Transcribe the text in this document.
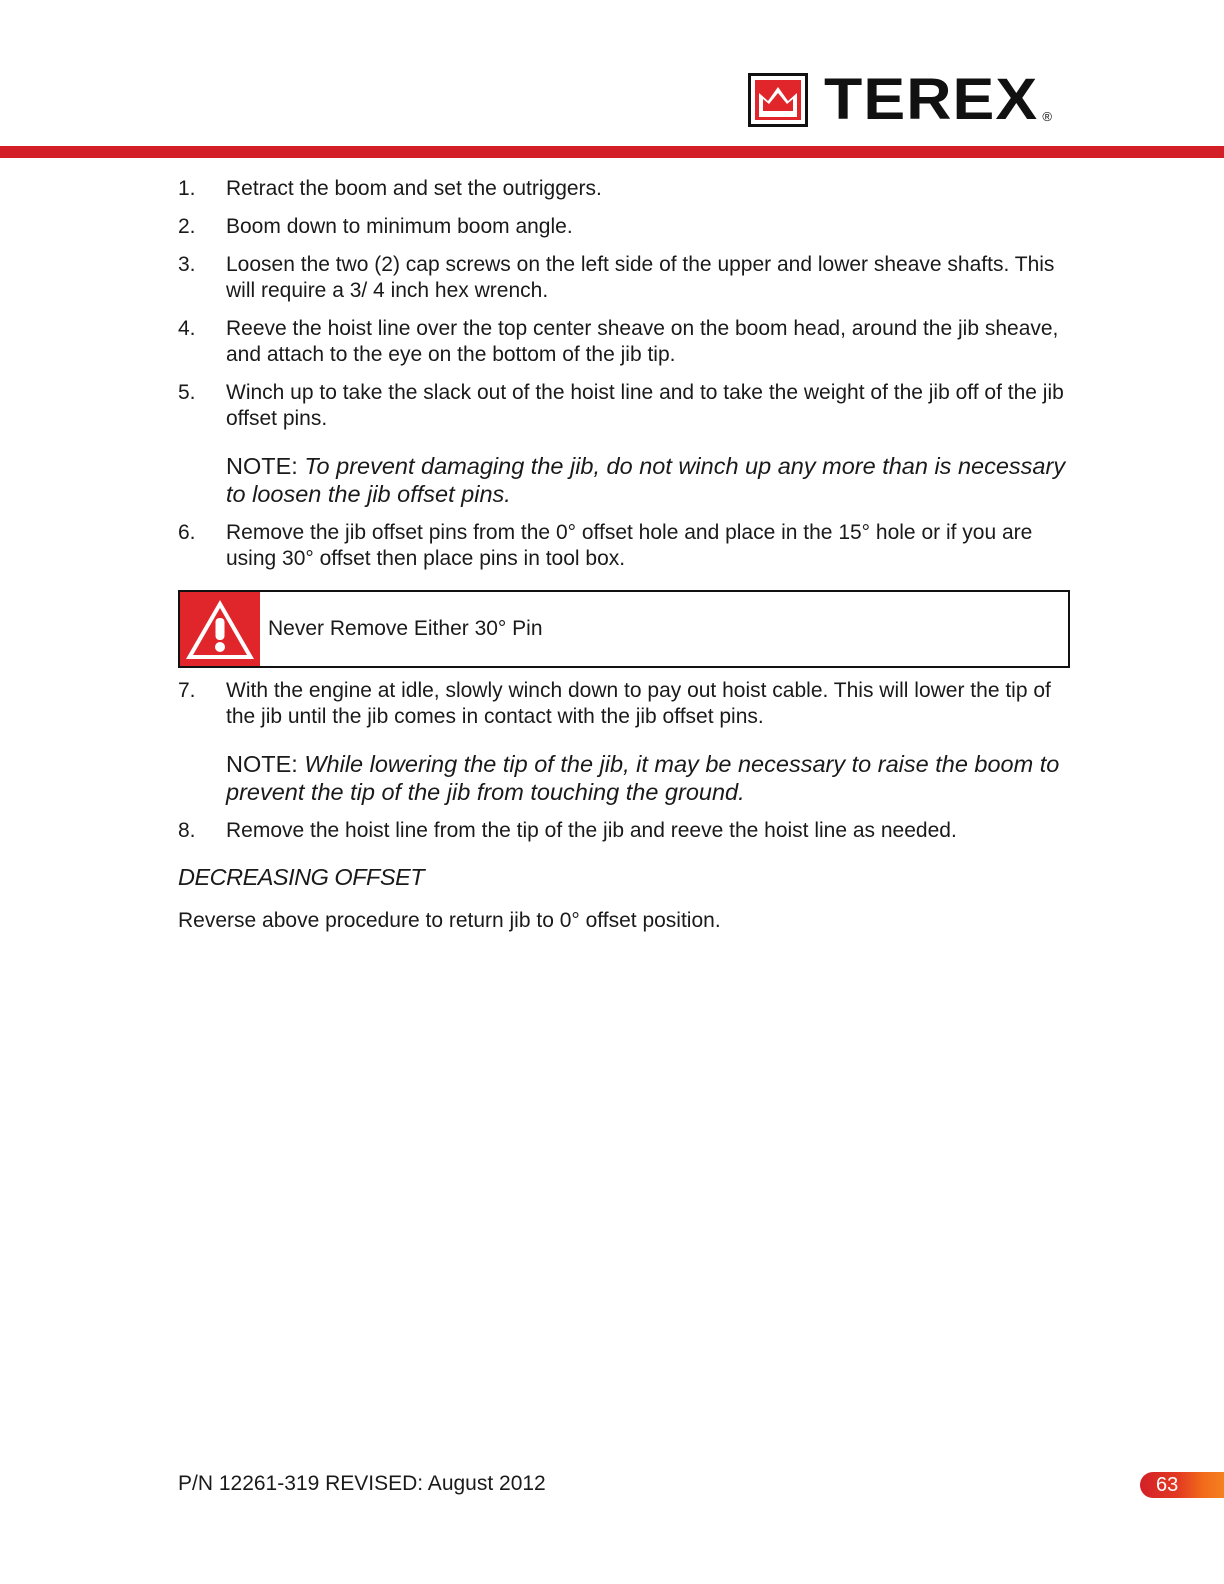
TEREX ®
1.	Retract the boom and set the outriggers.
2.	Boom down to minimum boom angle.
3.	Loosen the two (2) cap screws on the left side of the upper and lower sheave shafts. This will require a 3/ 4 inch hex wrench.
4.	Reeve the hoist line over the top center sheave on the boom head, around the jib sheave, and attach to the eye on the bottom of the jib tip.
5.	Winch up to take the slack out of the hoist line and to take the weight of the jib off of the jib offset pins.
NOTE: To prevent damaging the jib, do not winch up any more than is necessary to loosen the jib offset pins.
6.	Remove the jib offset pins from the 0° offset hole and place in the 15° hole or if you are using 30° offset then place pins in tool box.
Never Remove Either 30° Pin
7.	With the engine at idle, slowly winch down to pay out hoist cable. This will lower the tip of the jib until the jib comes in contact with the jib offset pins.
NOTE: While lowering the tip of the jib, it may be necessary to raise the boom to prevent the tip of the jib from touching the ground.
8.	Remove the hoist line from the tip of the jib and reeve the hoist line as needed.
DECREASING OFFSET
Reverse above procedure to return jib to 0° offset position.
P/N 12261-319 REVISED: August 2012	63
